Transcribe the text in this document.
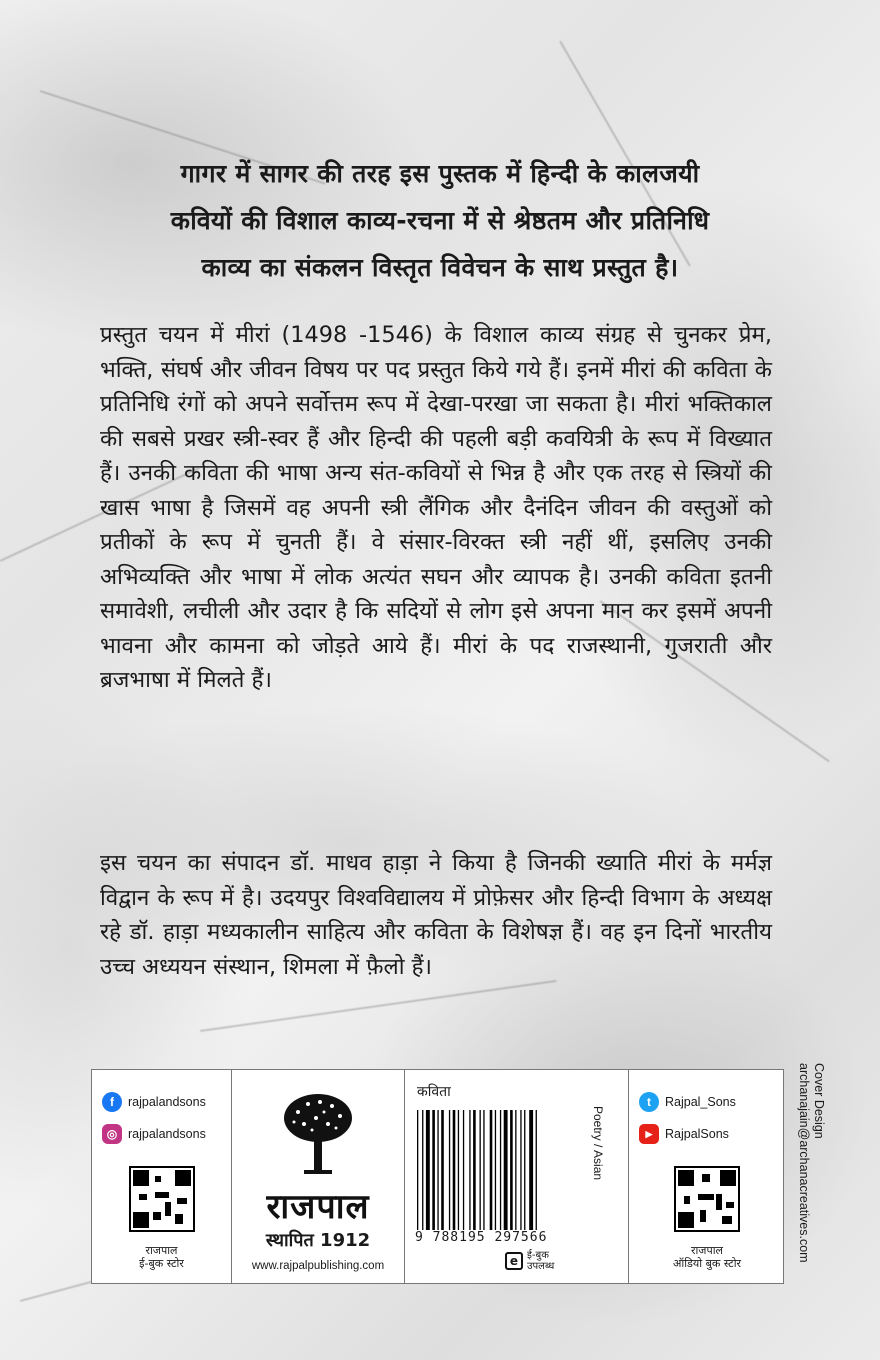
गागर में सागर की तरह इस पुस्तक में हिन्दी के कालजयी
कवियों की विशाल काव्य-रचना में से श्रेष्ठतम और प्रतिनिधि
काव्य का संकलन विस्तृत विवेचन के साथ प्रस्तुत है।

प्रस्तुत चयन में मीरां (1498 -1546) के विशाल काव्य संग्रह से चुनकर प्रेम, भक्ति, संघर्ष और जीवन विषय पर पद प्रस्तुत किये गये हैं। इनमें मीरां की कविता के प्रतिनिधि रंगों को अपने सर्वोत्तम रूप में देखा-परखा जा सकता है। मीरां भक्तिकाल की सबसे प्रखर स्त्री-स्वर हैं और हिन्दी की पहली बड़ी कवयित्री के रूप में विख्यात हैं। उनकी कविता की भाषा अन्य संत-कवियों से भिन्न है और एक तरह से स्त्रियों की खास भाषा है जिसमें वह अपनी स्त्री लैंगिक और दैनंदिन जीवन की वस्तुओं को प्रतीकों के रूप में चुनती हैं। वे संसार-विरक्त स्त्री नहीं थीं, इसलिए उनकी अभिव्यक्ति और भाषा में लोक अत्यंत सघन और व्यापक है। उनकी कविता इतनी समावेशी, लचीली और उदार है कि सदियों से लोग इसे अपना मान कर इसमें अपनी भावना और कामना को जोड़ते आये हैं। मीरां के पद राजस्थानी, गुजराती और ब्रजभाषा में मिलते हैं।

इस चयन का संपादन डॉ. माधव हाड़ा ने किया है जिनकी ख्याति मीरां के मर्मज्ञ विद्वान के रूप में है। उदयपुर विश्वविद्यालय में प्रोफ़ेसर और हिन्दी विभाग के अध्यक्ष रहे डॉ. हाड़ा मध्यकालीन साहित्य और कविता के विशेषज्ञ हैं। वह इन दिनों भारतीय उच्च अध्ययन संस्थान, शिमला में फ़ैलो हैं।

f	rajpalandsons
◎ rajpalandsons
राजपाल
ई-बुक स्टोर
राजपाल
स्थापित 1912
www.rajpalpublishing.com
कविता
9 788195 297566
Poetry / Asian
e ई-बुक
उपलब्ध
t	Rajpal_Sons
▶	RajpalSons
राजपाल
ऑडियो बुक स्टोर
Cover Design
archanajain@archanacreatives.com
